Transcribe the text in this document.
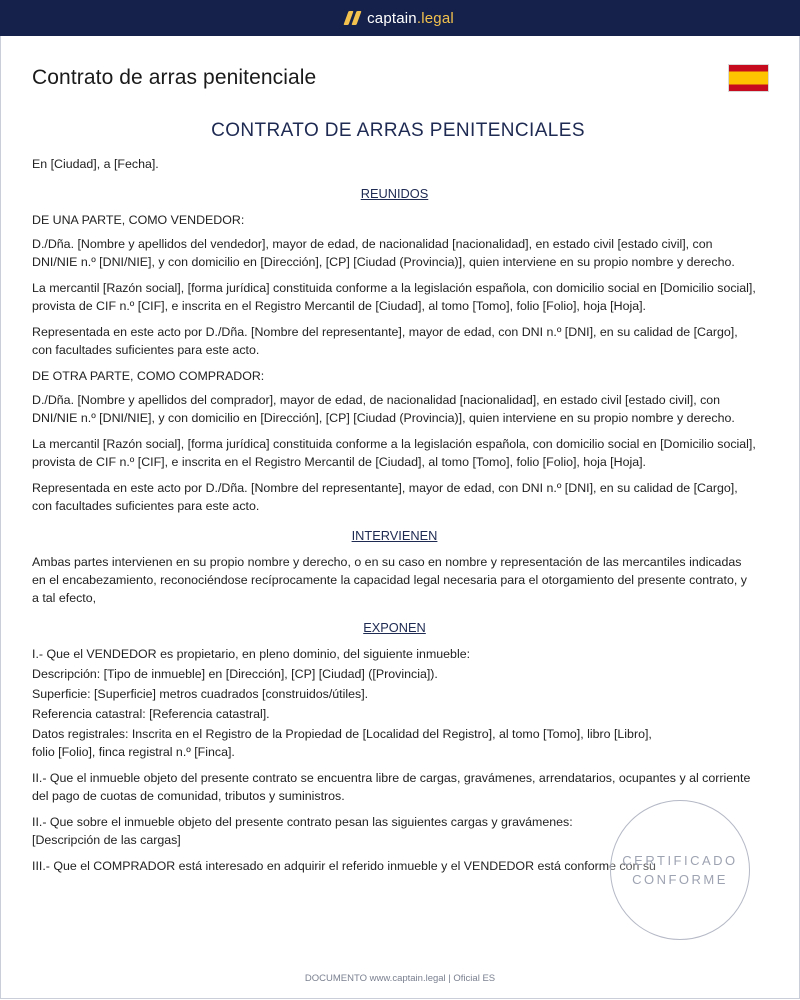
captain.legal
Contrato de arras penitenciale
CONTRATO DE ARRAS PENITENCIALES

En [Ciudad], a [Fecha].

REUNIDOS

DE UNA PARTE, COMO VENDEDOR:

D./Dña. [Nombre y apellidos del vendedor], mayor de edad, de nacionalidad [nacionalidad], en estado civil [estado civil], con DNI/NIE n.º [DNI/NIE], y con domicilio en [Dirección], [CP] [Ciudad (Provincia)], quien interviene en su propio nombre y derecho.

La mercantil [Razón social], [forma jurídica] constituida conforme a la legislación española, con domicilio social en [Domicilio social], provista de CIF n.º [CIF], e inscrita en el Registro Mercantil de [Ciudad], al tomo [Tomo], folio [Folio], hoja [Hoja].

Representada en este acto por D./Dña. [Nombre del representante], mayor de edad, con DNI n.º [DNI], en su calidad de [Cargo], con facultades suficientes para este acto.

DE OTRA PARTE, COMO COMPRADOR:

D./Dña. [Nombre y apellidos del comprador], mayor de edad, de nacionalidad [nacionalidad], en estado civil [estado civil], con DNI/NIE n.º [DNI/NIE], y con domicilio en [Dirección], [CP] [Ciudad (Provincia)], quien interviene en su propio nombre y derecho.

La mercantil [Razón social], [forma jurídica] constituida conforme a la legislación española, con domicilio social en [Domicilio social], provista de CIF n.º [CIF], e inscrita en el Registro Mercantil de [Ciudad], al tomo [Tomo], folio [Folio], hoja [Hoja].

Representada en este acto por D./Dña. [Nombre del representante], mayor de edad, con DNI n.º [DNI], en su calidad de [Cargo], con facultades suficientes para este acto.

INTERVIENEN

Ambas partes intervienen en su propio nombre y derecho, o en su caso en nombre y representación de las mercantiles indicadas en el encabezamiento, reconociéndose recíprocamente la capacidad legal necesaria para el otorgamiento del presente contrato, y a tal efecto,

EXPONEN

I.- Que el VENDEDOR es propietario, en pleno dominio, del siguiente inmueble:

Descripción: [Tipo de inmueble] en [Dirección], [CP] [Ciudad] ([Provincia]).

Superficie: [Superficie] metros cuadrados [construidos/útiles].

Referencia catastral: [Referencia catastral].

Datos registrales: Inscrita en el Registro de la Propiedad de [Localidad del Registro], al tomo [Tomo], libro [Libro], folio [Folio], finca registral n.º [Finca].

II.- Que el inmueble objeto del presente contrato se encuentra libre de cargas, gravámenes, arrendatarios, ocupantes y al corriente del pago de cuotas de comunidad, tributos y suministros.

II.- Que sobre el inmueble objeto del presente contrato pesan las siguientes cargas y gravámenes: [Descripción de las cargas]

III.- Que el COMPRADOR está interesado en adquirir el referido inmueble y el VENDEDOR está conforme con su

CERTIFICADO
CONFORME
DOCUMENTO www.captain.legal | Oficial ES
